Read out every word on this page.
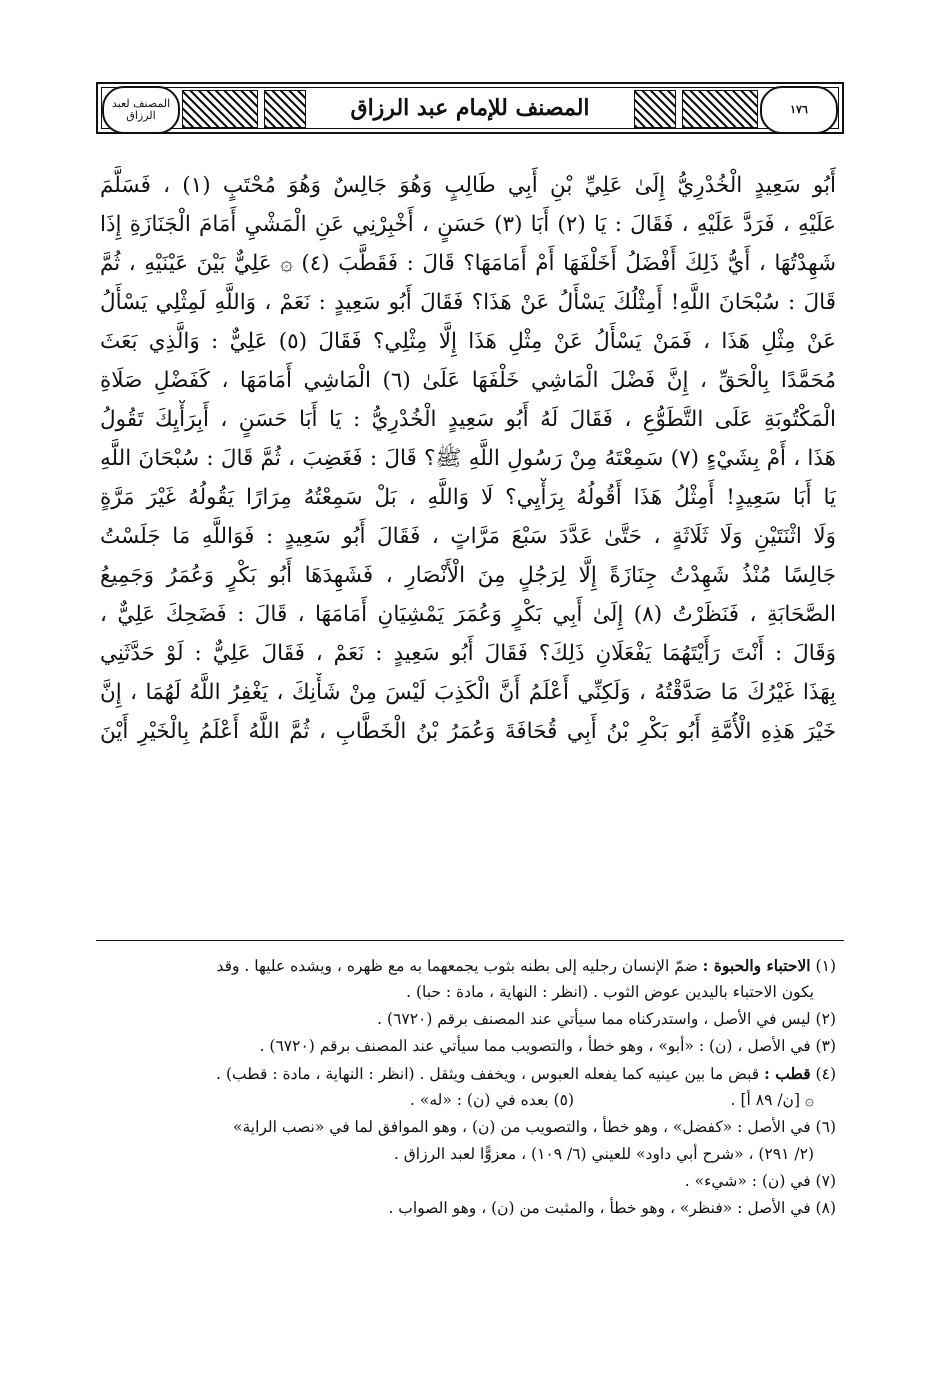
المصنف لعبد الرزاق	المصنف للإمام عبد الرزاق	١٧٦
أَبُو سَعِيدٍ الْخُدْرِيُّ إِلَىٰ عَلِيِّ بْنِ أَبِي طَالِبٍ وَهُوَ جَالِسٌ وَهُوَ مُحْتَبٍ (١) ، فَسَلَّمَ
عَلَيْهِ ، فَرَدَّ عَلَيْهِ ، فَقَالَ : يَا (٢) أَبَا (٣) حَسَنٍ ، أَخْبِرْنِي عَنِ الْمَشْيِ أَمَامَ الْجَنَازَةِ إِذَا
شَهِدْتُهَا ، أَيُّ ذَلِكَ أَفْضَلُ أَخَلْفَهَا أَمْ أَمَامَهَا؟ قَالَ : فَقَطَّبَ (٤) ۞ عَلِيٌّ بَيْنَ عَيْنَيْهِ ، ثُمَّ
قَالَ : سُبْحَانَ اللَّهِ! أَمِثْلُكَ يَسْأَلُ عَنْ هَذَا؟ فَقَالَ أَبُو سَعِيدٍ : نَعَمْ ، وَاللَّهِ لَمِثْلِي يَسْأَلُ
عَنْ مِثْلِ هَذَا ، فَمَنْ يَسْأَلُ عَنْ مِثْلِ هَذَا إِلَّا مِثْلِي؟ فَقَالَ (٥) عَلِيٌّ : وَالَّذِي بَعَثَ
مُحَمَّدًا بِالْحَقِّ ، إِنَّ فَضْلَ الْمَاشِي خَلْفَهَا عَلَىٰ (٦) الْمَاشِي أَمَامَهَا ، كَفَضْلِ صَلَاةِ
الْمَكْتُوبَةِ عَلَى التَّطَوُّعِ ، فَقَالَ لَهُ أَبُو سَعِيدٍ الْخُدْرِيُّ : يَا أَبَا حَسَنٍ ، أَبِرَأْيِكَ تَقُولُ
هَذَا ، أَمْ بِشَيْءٍ (٧) سَمِعْتَهُ مِنْ رَسُولِ اللَّهِ ﷺ؟ قَالَ : فَغَضِبَ ، ثُمَّ قَالَ : سُبْحَانَ اللَّهِ
يَا أَبَا سَعِيدٍ! أَمِثْلُ هَذَا أَقُولُهُ بِرَأْيِي؟ لَا وَاللَّهِ ، بَلْ سَمِعْتُهُ مِرَارًا يَقُولُهُ غَيْرَ مَرَّةٍ
وَلَا اثْنَتَيْنِ وَلَا ثَلَاثَةٍ ، حَتَّىٰ عَدَّدَ سَبْعَ مَرَّاتٍ ، فَقَالَ أَبُو سَعِيدٍ : فَوَاللَّهِ مَا جَلَسْتُ
جَالِسًا مُنْذُ شَهِدْتُ جِنَازَةً إِلَّا لِرَجُلٍ مِنَ الْأَنْصَارِ ، فَشَهِدَهَا أَبُو بَكْرٍ وَعُمَرُ وَجَمِيعُ
الصَّحَابَةِ ، فَنَظَرْتُ (٨) إِلَىٰ أَبِي بَكْرٍ وَعُمَرَ يَمْشِيَانِ أَمَامَهَا ، قَالَ : فَضَحِكَ عَلِيٌّ ،
وَقَالَ : أَنْتَ رَأَيْتَهُمَا يَفْعَلَانِ ذَلِكَ؟ فَقَالَ أَبُو سَعِيدٍ : نَعَمْ ، فَقَالَ عَلِيٌّ : لَوْ حَدَّثَنِي
بِهَذَا غَيْرُكَ مَا صَدَّقْتُهُ ، وَلَكِنِّي أَعْلَمُ أَنَّ الْكَذِبَ لَيْسَ مِنْ شَأْنِكَ ، يَغْفِرُ اللَّهُ لَهُمَا ، إِنَّ
خَيْرَ هَذِهِ الْأُمَّةِ أَبُو بَكْرِ بْنُ أَبِي قُحَافَةَ وَعُمَرُ بْنُ الْخَطَّابِ ، ثُمَّ اللَّهُ أَعْلَمُ بِالْخَيْرِ أَيْنَ
(١) الاحتباء والحبوة : ضمّ الإنسان رجليه إلى بطنه بثوب يجمعهما به مع ظهره ، ويشده عليها . وقد
يكون الاحتباء باليدين عوض الثوب . (انظر : النهاية ، مادة : حبا) .
(٢) ليس في الأصل ، واستدركناه مما سيأتي عند المصنف برقم (٦٧٢٠) .
(٣) في الأصل ، (ن) : «أبو» ، وهو خطأ ، والتصويب مما سيأتي عند المصنف برقم (٦٧٢٠) .
(٤) قطب : قبض ما بين عينيه كما يفعله العبوس ، ويخفف ويثقل . (انظر : النهاية ، مادة : قطب) .
۞ [ن/ ٨٩ أ] .
(٥) بعده في (ن) : «له» .
(٦) في الأصل : «كفضل» ، وهو خطأ ، والتصويب من (ن) ، وهو الموافق لما في «نصب الراية»
(٢/ ٢٩١) ، «شرح أبي داود» للعيني (٦/ ١٠٩) ، معزوًّا لعبد الرزاق .
(٧) في (ن) : «شيء» .
(٨) في الأصل : «فنظر» ، وهو خطأ ، والمثبت من (ن) ، وهو الصواب .
